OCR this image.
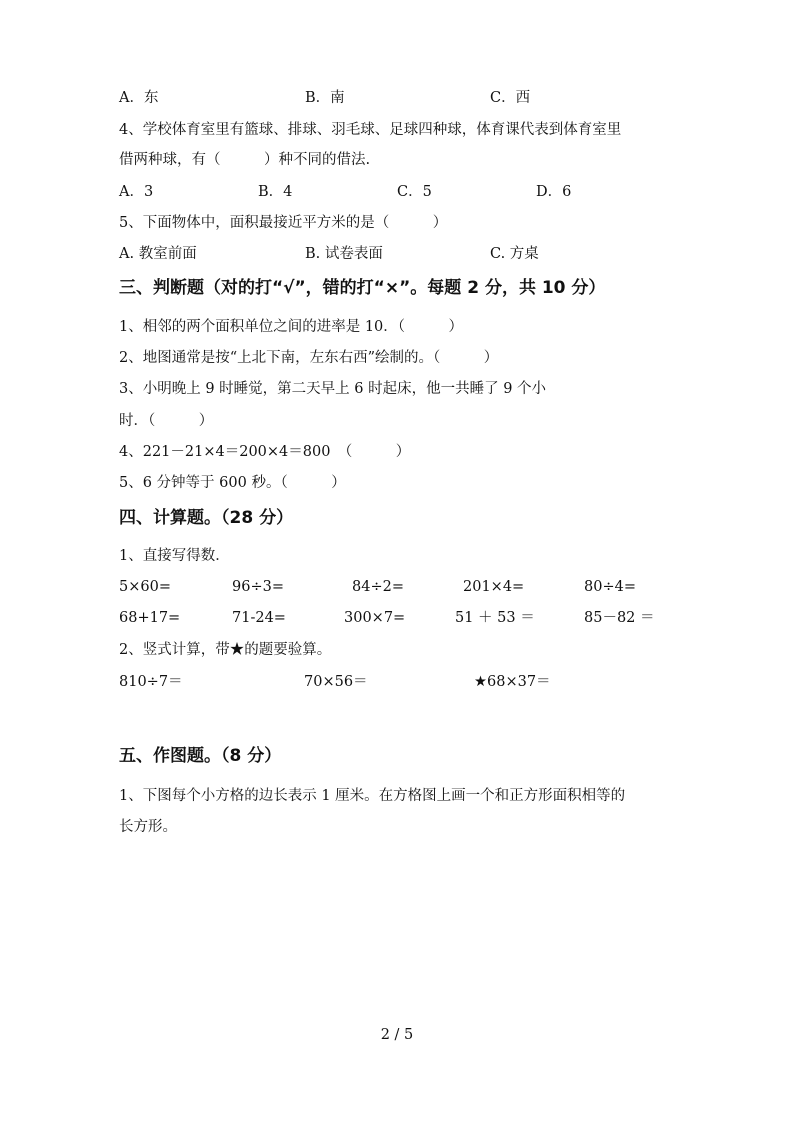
A．东	B．南	C．西
4、学校体育室里有篮球、排球、羽毛球、足球四种球，体育课代表到体育室里
借两种球，有（　　　）种不同的借法.
A．3	B．4	C．5	D．6
5、下面物体中，面积最接近平方米的是（　　　）
A. 教室前面	B. 试卷表面	C. 方桌
三、判断题（对的打“√”，错的打“×”。每题 2 分，共 10 分）
1、相邻的两个面积单位之间的进率是 10．（　　　）
2、地图通常是按“上北下南，左东右西”绘制的。（　　　）
3、小明晚上 9 时睡觉，第二天早上 6 时起床，他一共睡了 9 个小
时．（　　　）
4、221－21×4＝200×4＝800　（　　　）
5、6 分钟等于 600 秒。（　　　）
四、计算题。（28 分）
1、直接写得数．
5×60=	96÷3=	84÷2=	201×4=	80÷4=
68+17=	71-24=	300×7=	51 ＋ 53 ＝	85－82 ＝
2、竖式计算，带★的题要验算。
810÷7＝	70×56＝	★68×37＝
五、作图题。（8 分）
1、下图每个小方格的边长表示 1 厘米。在方格图上画一个和正方形面积相等的
长方形。
2 / 5
